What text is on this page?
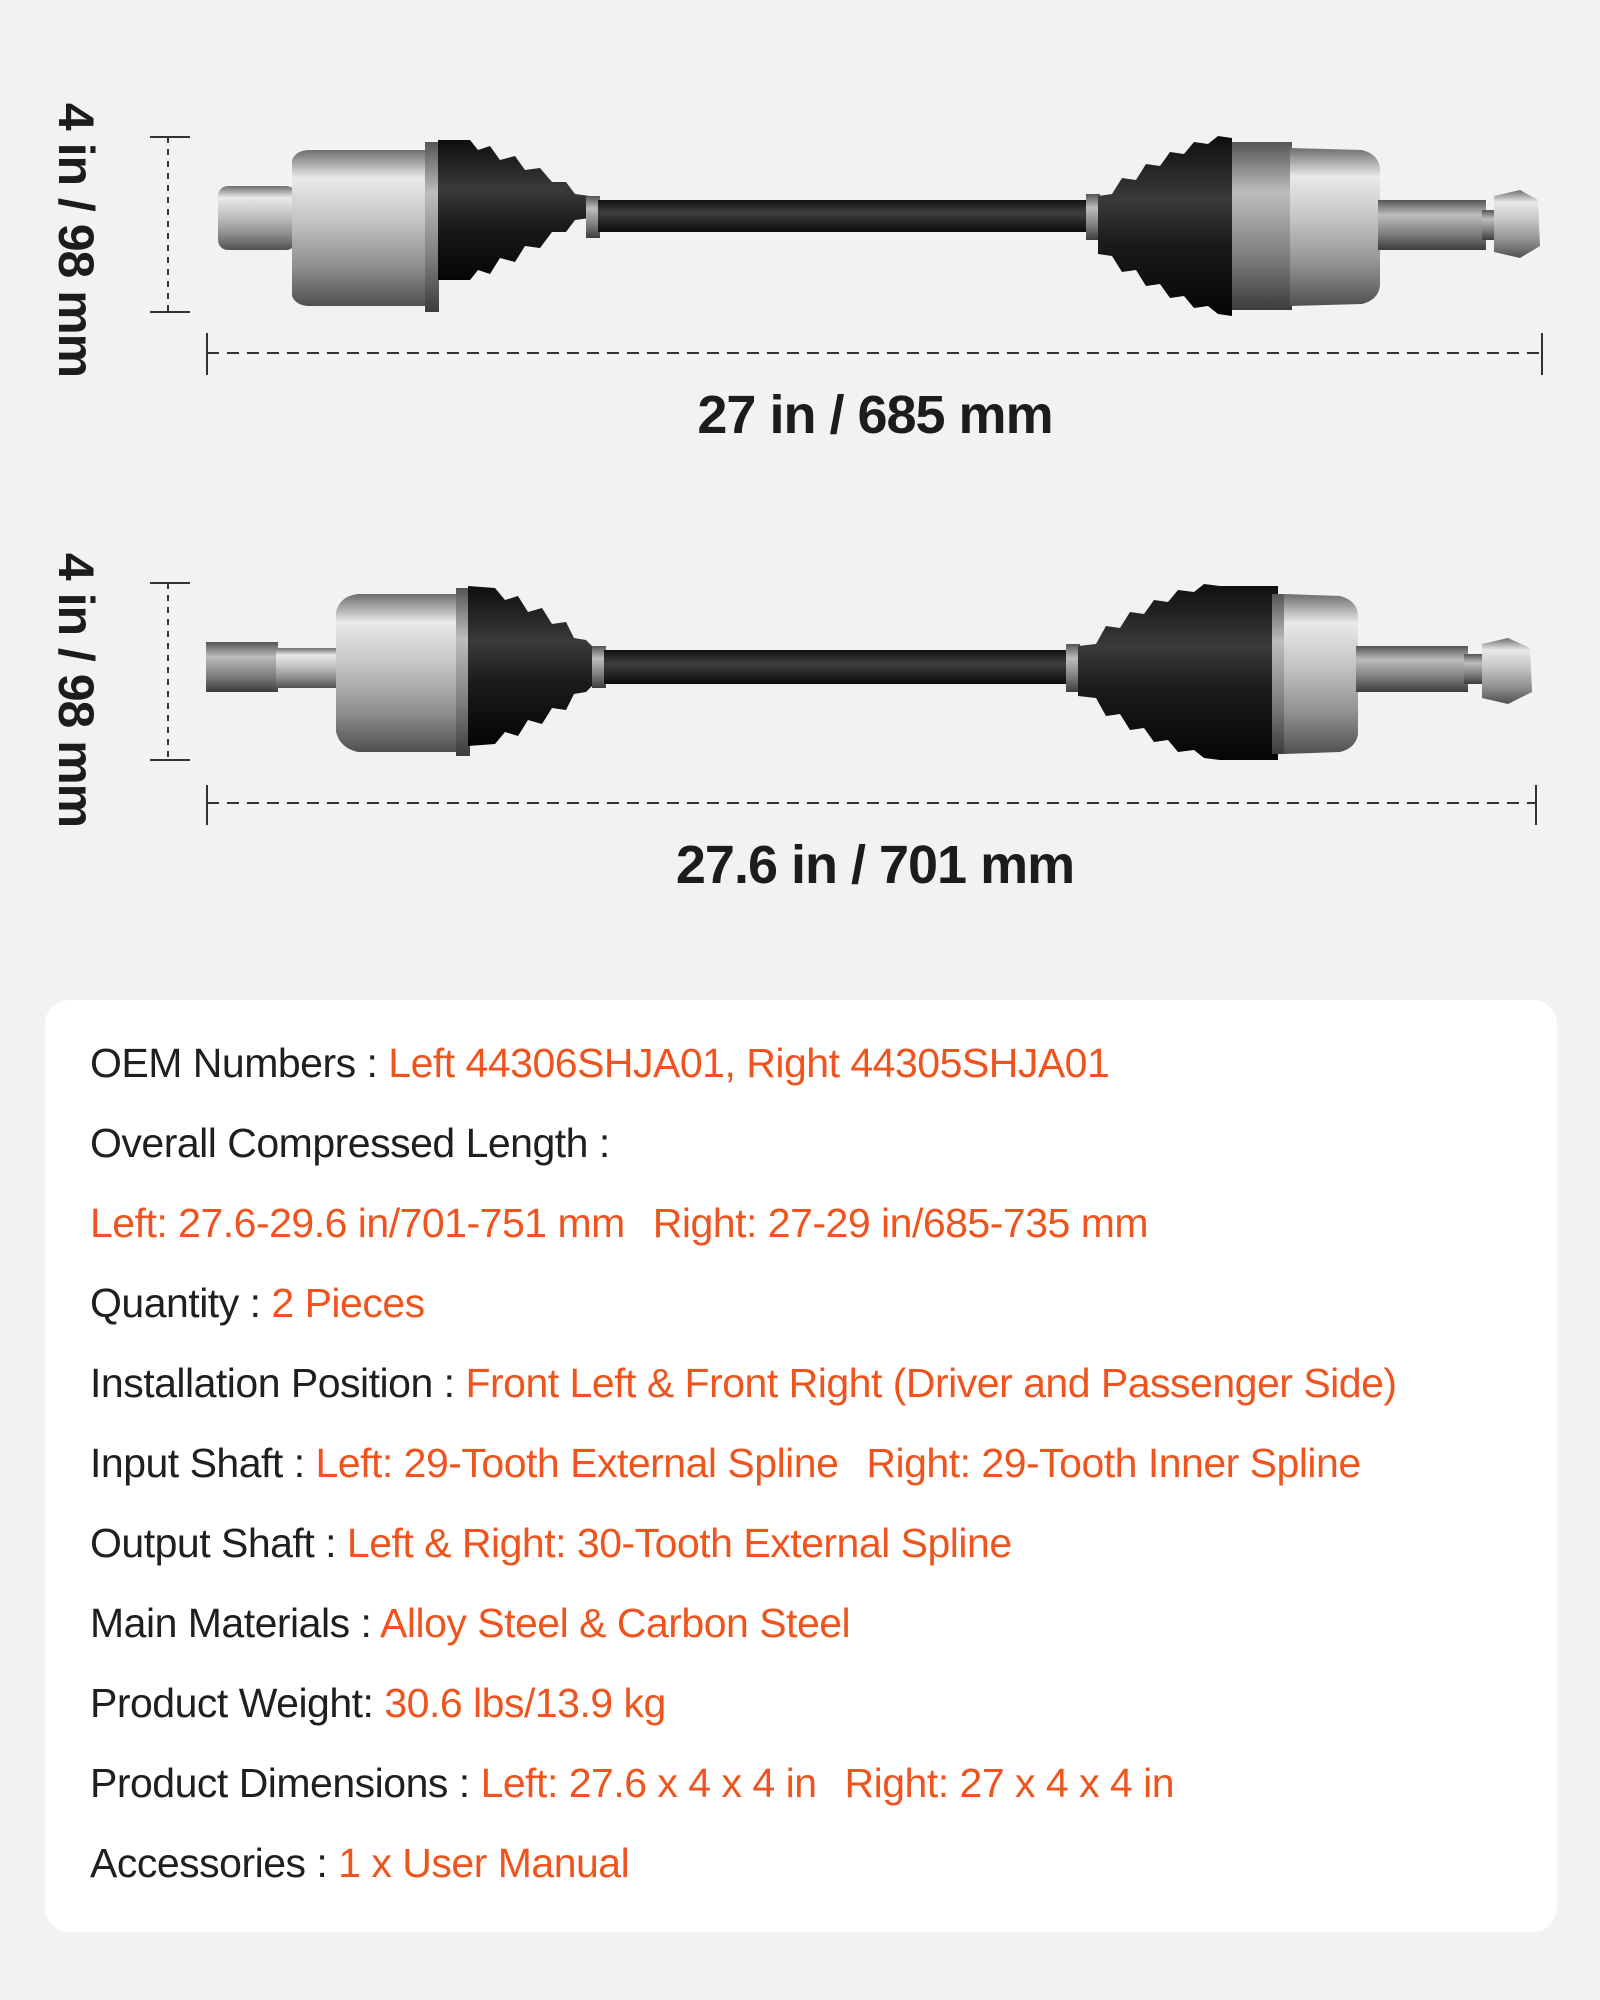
4 in / 98 mm
4 in / 98 mm
27 in / 685 mm
27.6 in / 701 mm
OEM Numbers : Left 44306SHJA01, Right 44305SHJA01
Overall Compressed Length :
Left: 27.6-29.6 in/701-751 mm Right: 27-29 in/685-735 mm
Quantity : 2 Pieces
Installation Position : Front Left & Front Right (Driver and Passenger Side)
Input Shaft : Left: 29-Tooth External Spline Right: 29-Tooth Inner Spline
Output Shaft : Left & Right: 30-Tooth External Spline
Main Materials : Alloy Steel & Carbon Steel
Product Weight: 30.6 lbs/13.9 kg
Product Dimensions : Left: 27.6 x 4 x 4 in Right: 27 x 4 x 4 in
Accessories : 1 x User Manual
